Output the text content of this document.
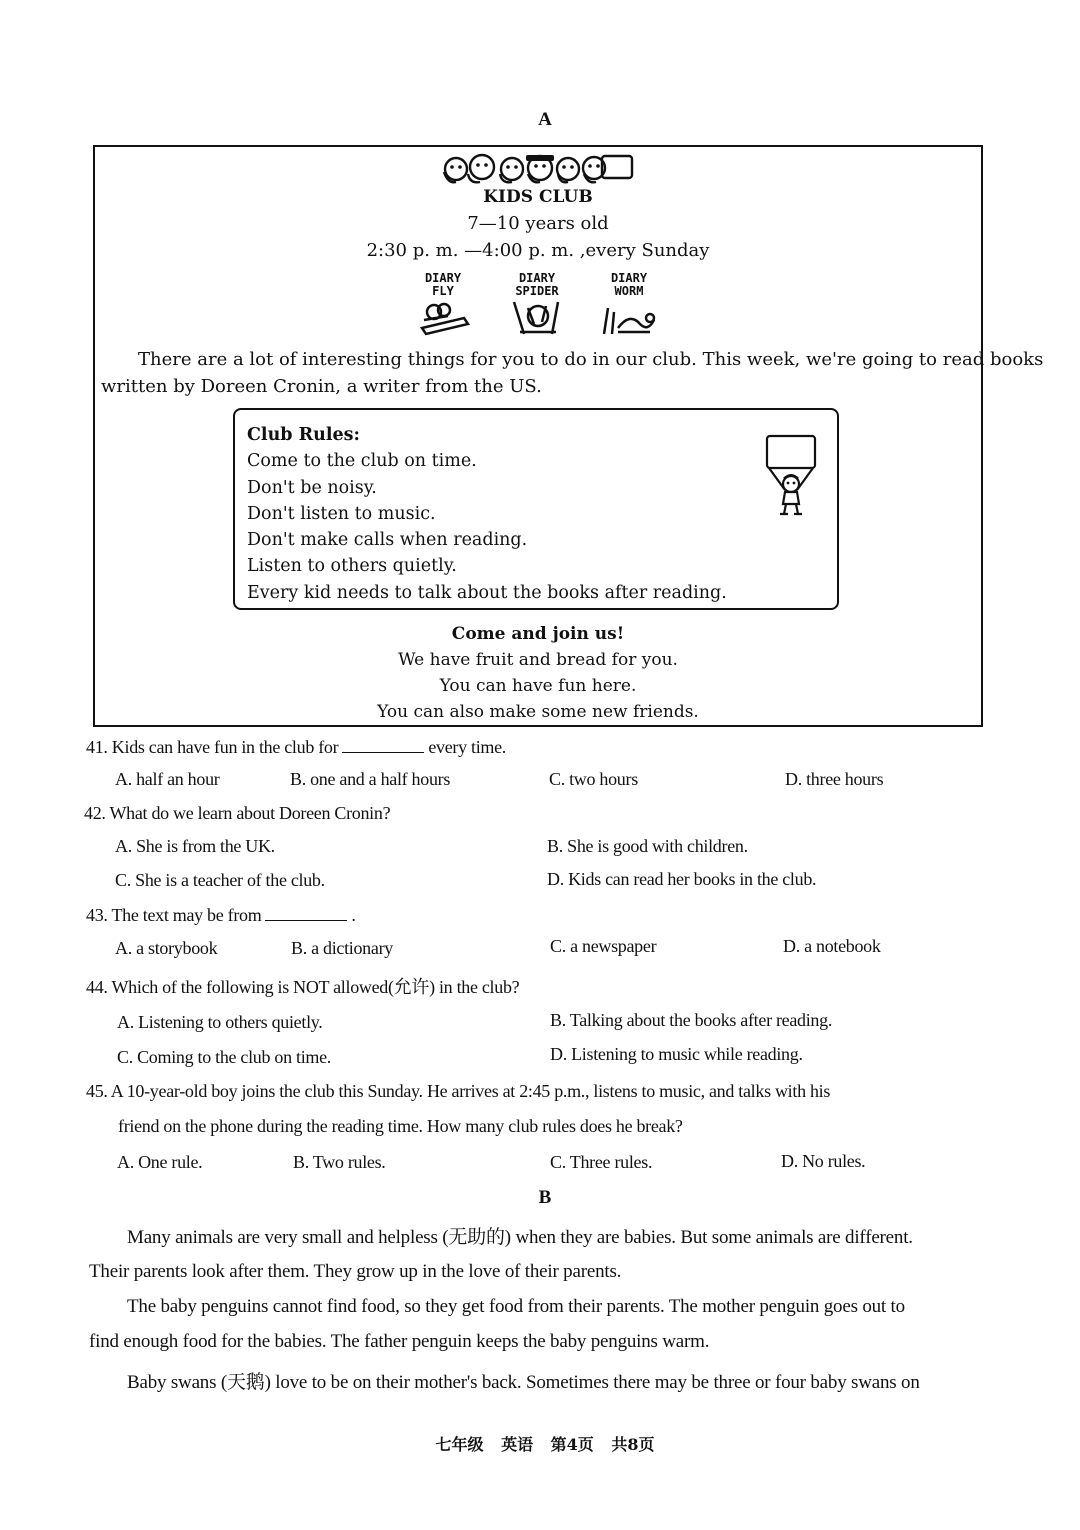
A
KIDS CLUB
7—10 years old
2:30 p. m. —4:00 p. m. ,every Sunday
DIARY
FLY
DIARY
SPIDER
DIARY
WORM
There are a lot of interesting things for you to do in our club. This week, we're going to read books
written by Doreen Cronin, a writer from the US.
Club Rules:
Come to the club on time.
Don't be noisy.
Don't listen to music.
Don't make calls when reading.
Listen to others quietly.
Every kid needs to talk about the books after reading.
Come and join us!
We have fruit and bread for you.
You can have fun here.
You can also make some new friends.
41. Kids can have fun in the club for	every time.
A. half an hour	B. one and a half hours	C. two hours	D. three hours
42. What do we learn about Doreen Cronin?
A. She is from the UK.	B. She is good with children.
C. She is a teacher of the club.	D. Kids can read her books in the club.
43. The text may be from	.
A. a storybook	B. a dictionary	C. a newspaper	D. a notebook
44. Which of the following is NOT allowed(允许) in the club?
A. Listening to others quietly.	B. Talking about the books after reading.
C. Coming to the club on time.	D. Listening to music while reading.
45. A 10-year-old boy joins the club this Sunday. He arrives at 2:45 p.m., listens to music, and talks with his
friend on the phone during the reading time. How many club rules does he break?
A. One rule.	B. Two rules.	C. Three rules.	D. No rules.
B
Many animals are very small and helpless (无助的) when they are babies. But some animals are different.
Their parents look after them. They grow up in the love of their parents.
The baby penguins cannot find food, so they get food from their parents. The mother penguin goes out to
find enough food for the babies. The father penguin keeps the baby penguins warm.
Baby swans (天鹅) love to be on their mother's back. Sometimes there may be three or four baby swans on
七年级 英语 第4页 共8页
